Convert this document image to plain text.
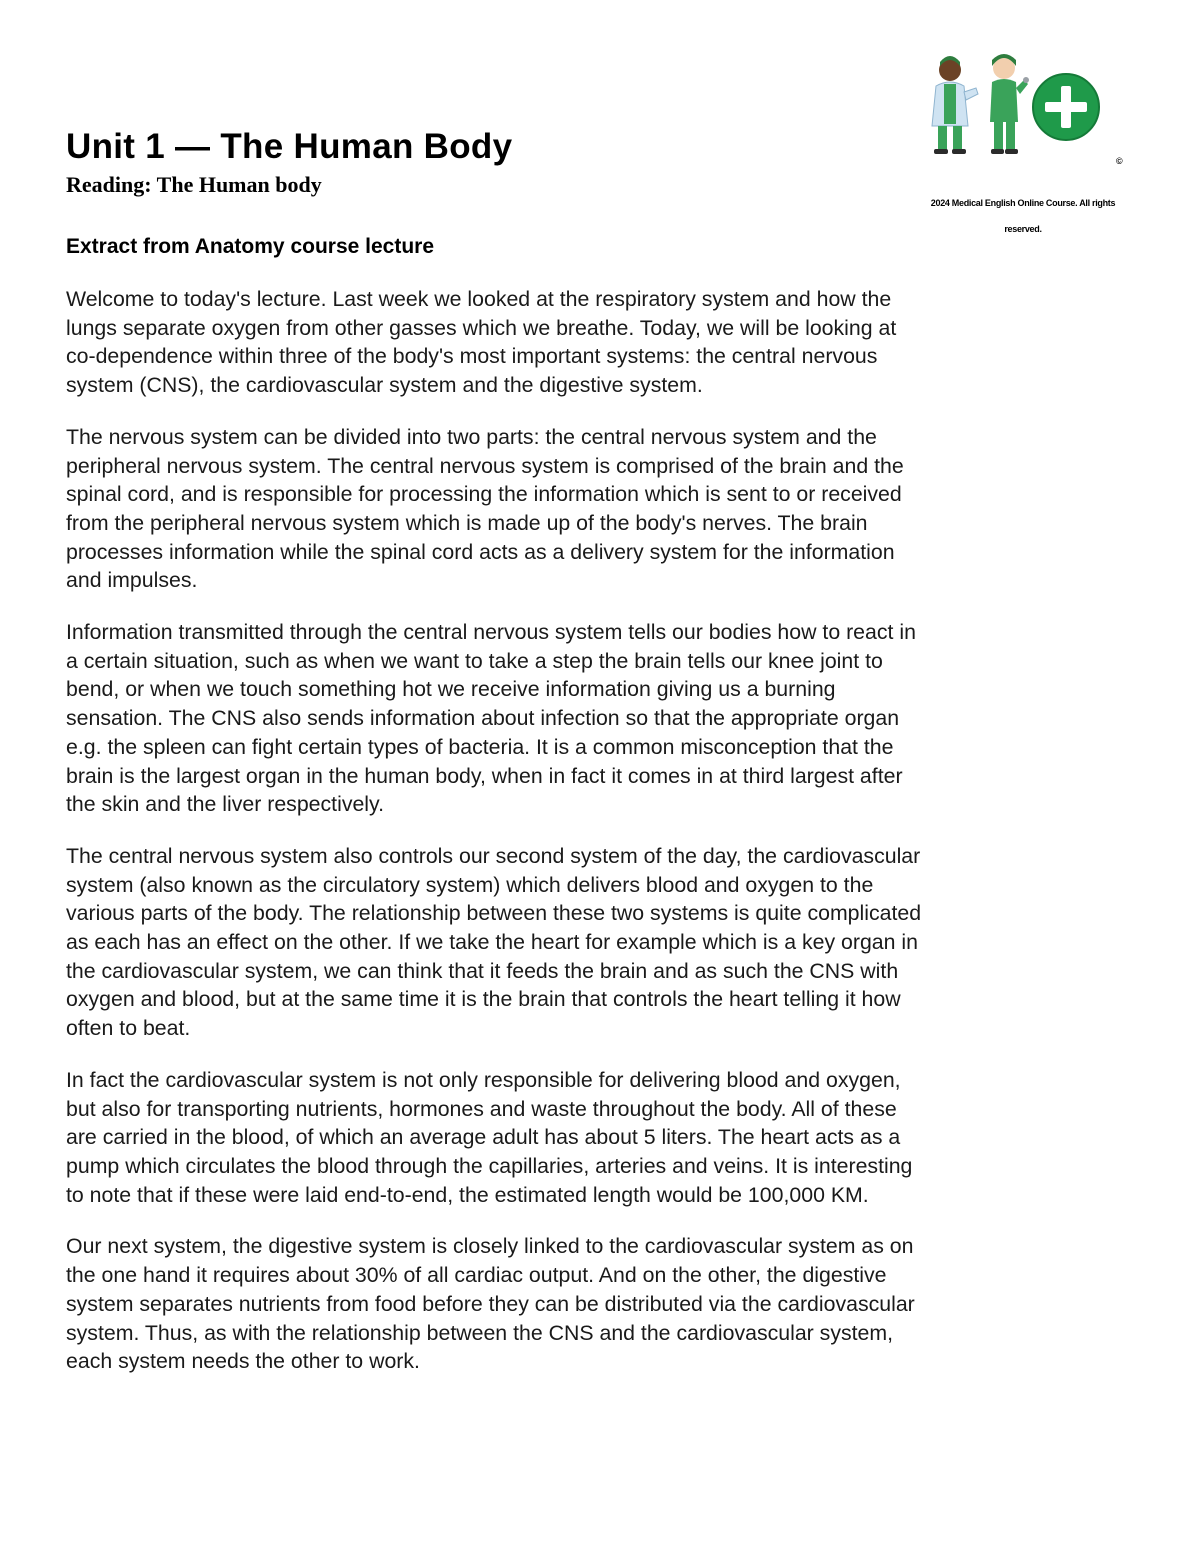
Unit 1 — The Human Body
Reading: The Human body
©
2024 Medical English Online Course. All rights
reserved.
Extract from Anatomy course lecture

Welcome to today's lecture. Last week we looked at the respiratory system and how the lungs separate oxygen from other gasses which we breathe. Today, we will be looking at co-dependence within three of the body's most important systems: the central nervous system (CNS), the cardiovascular system and the digestive system.

The nervous system can be divided into two parts: the central nervous system and the peripheral nervous system. The central nervous system is comprised of the brain and the spinal cord, and is responsible for processing the information which is sent to or received from the peripheral nervous system which is made up of the body's nerves. The brain processes information while the spinal cord acts as a delivery system for the information and impulses.

Information transmitted through the central nervous system tells our bodies how to react in a certain situation, such as when we want to take a step the brain tells our knee joint to bend, or when we touch something hot we receive information giving us a burning sensation. The CNS also sends information about infection so that the appropriate organ e.g. the spleen can fight certain types of bacteria. It is a common misconception that the brain is the largest organ in the human body, when in fact it comes in at third largest after the skin and the liver respectively.

The central nervous system also controls our second system of the day, the cardiovascular system (also known as the circulatory system) which delivers blood and oxygen to the various parts of the body. The relationship between these two systems is quite complicated as each has an effect on the other. If we take the heart for example which is a key organ in the cardiovascular system, we can think that it feeds the brain and as such the CNS with oxygen and blood, but at the same time it is the brain that controls the heart telling it how often to beat.

In fact the cardiovascular system is not only responsible for delivering blood and oxygen, but also for transporting nutrients, hormones and waste throughout the body. All of these are carried in the blood, of which an average adult has about 5 liters. The heart acts as a pump which circulates the blood through the capillaries, arteries and veins. It is interesting to note that if these were laid end-to-end, the estimated length would be 100,000 KM.

Our next system, the digestive system is closely linked to the cardiovascular system as on the one hand it requires about 30% of all cardiac output. And on the other, the digestive system separates nutrients from food before they can be distributed via the cardiovascular system. Thus, as with the relationship between the CNS and the cardiovascular system, each system needs the other to work.
